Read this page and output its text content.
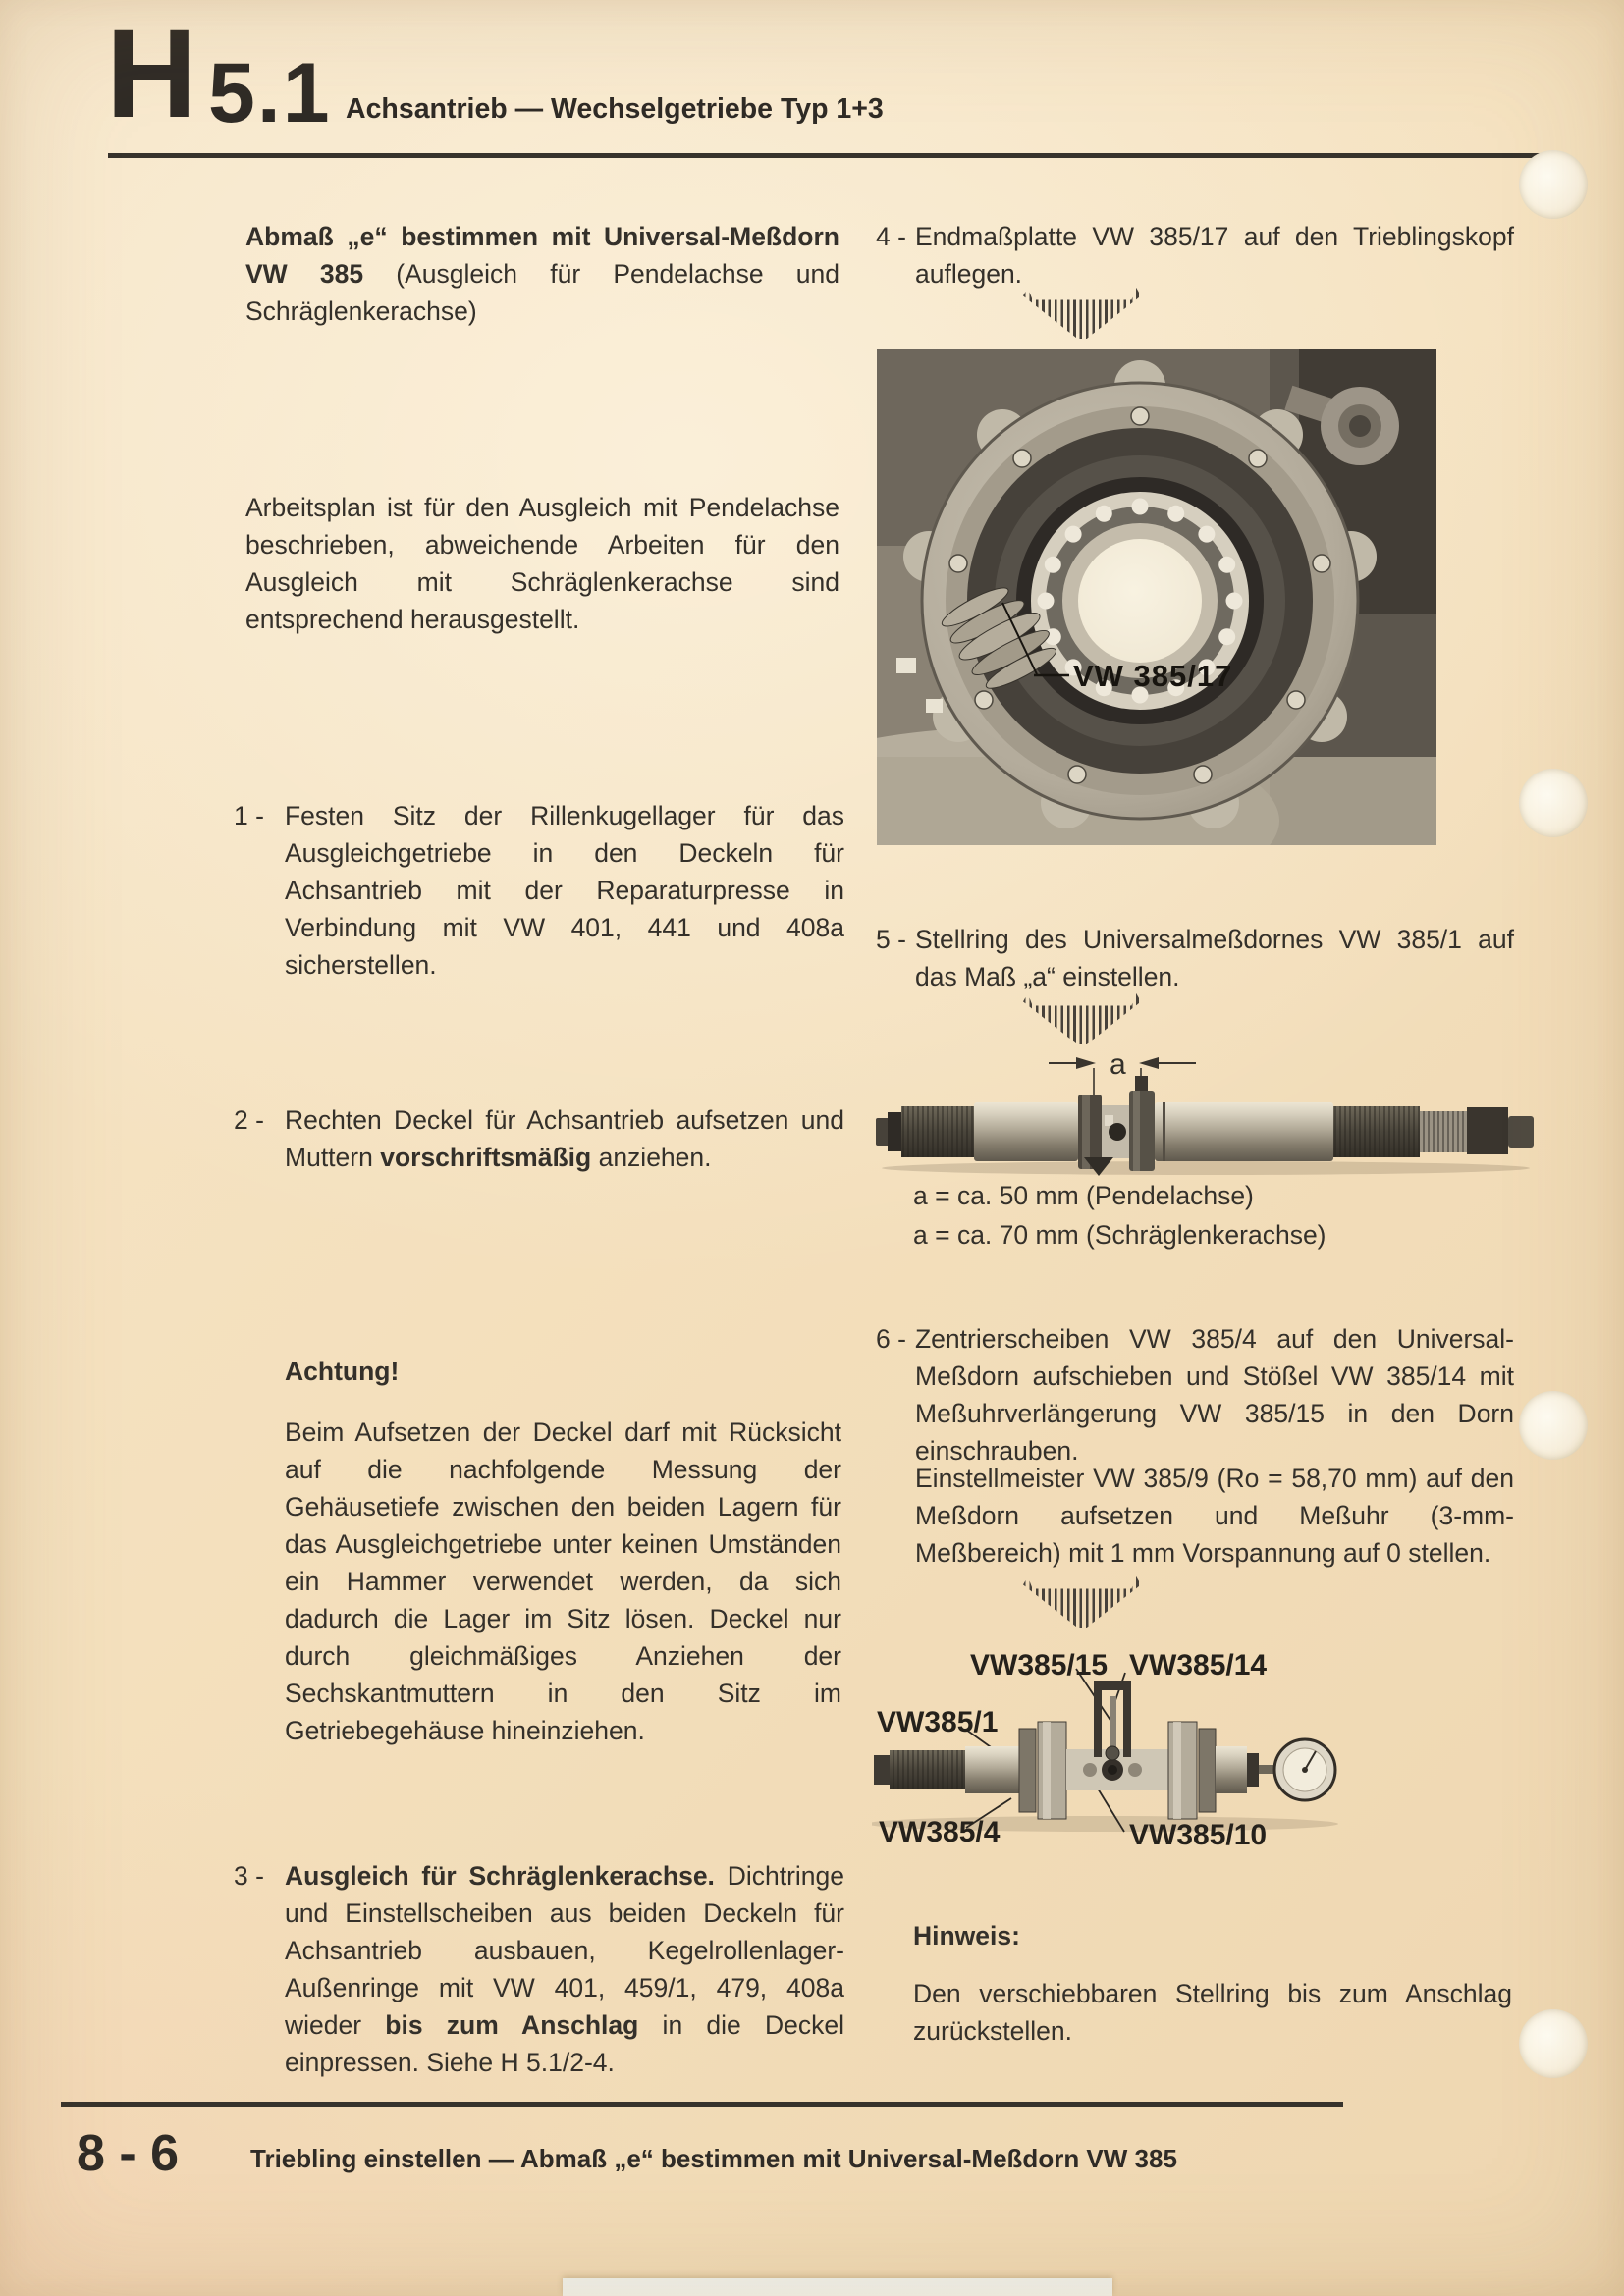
H 5.1 Achsantrieb — Wechselgetriebe Typ 1+3
Abmaß „e“ bestimmen mit Universal-Meßdorn VW 385 (Ausgleich für Pendelachse und Schräglenkerachse)
Arbeitsplan ist für den Ausgleich mit Pendelachse beschrieben, abweichende Arbeiten für den Ausgleich mit Schräglenkerachse sind entsprechend herausgestellt.
1 - Festen Sitz der Rillenkugellager für das Ausgleichgetriebe in den Deckeln für Achsantrieb mit der Reparaturpresse in Verbindung mit VW 401, 441 und 408a sicherstellen.
2 - Rechten Deckel für Achsantrieb aufsetzen und Muttern vorschriftsmäßig anziehen.
Achtung!
Beim Aufsetzen der Deckel darf mit Rücksicht auf die nachfolgende Messung der Gehäusetiefe zwischen den beiden Lagern für das Ausgleichgetriebe unter keinen Umständen ein Hammer verwendet werden, da sich dadurch die Lager im Sitz lösen. Deckel nur durch gleichmäßiges Anziehen der Sechskantmuttern in den Sitz im Getriebegehäuse hineinziehen.
3 - Ausgleich für Schräglenkerachse. Dichtringe und Einstellscheiben aus beiden Deckeln für Achsantrieb ausbauen, Kegelrollenlager-Außenringe mit VW 401, 459/1, 479, 408a wieder bis zum Anschlag in die Deckel einpressen. Siehe H 5.1/2-4.
4 - Endmaßplatte VW 385/17 auf den Trieblingskopf auflegen.
VW 385/17
5 - Stellring des Universalmeßdornes VW 385/1 auf das Maß „a“ einstellen.
a
a = ca. 50 mm (Pendelachse)
a = ca. 70 mm (Schräglenkerachse)
6 - Zentrierscheiben VW 385/4 auf den Universal-Meßdorn aufschieben und Stößel VW 385/14 mit Meßuhrverlängerung VW 385/15 in den Dorn einschrauben.
Einstellmeister VW 385/9 (Ro = 58,70 mm) auf den Meßdorn aufsetzen und Meßuhr (3-mm-Meßbereich) mit 1 mm Vorspannung auf 0 stellen.
VW385/15 VW385/14
VW385/1
VW385/4	VW385/10
Hinweis:
Den verschiebbaren Stellring bis zum Anschlag zurückstellen.
8 - 6	Triebling einstellen — Abmaß „e“ bestimmen mit Universal-Meßdorn VW 385
